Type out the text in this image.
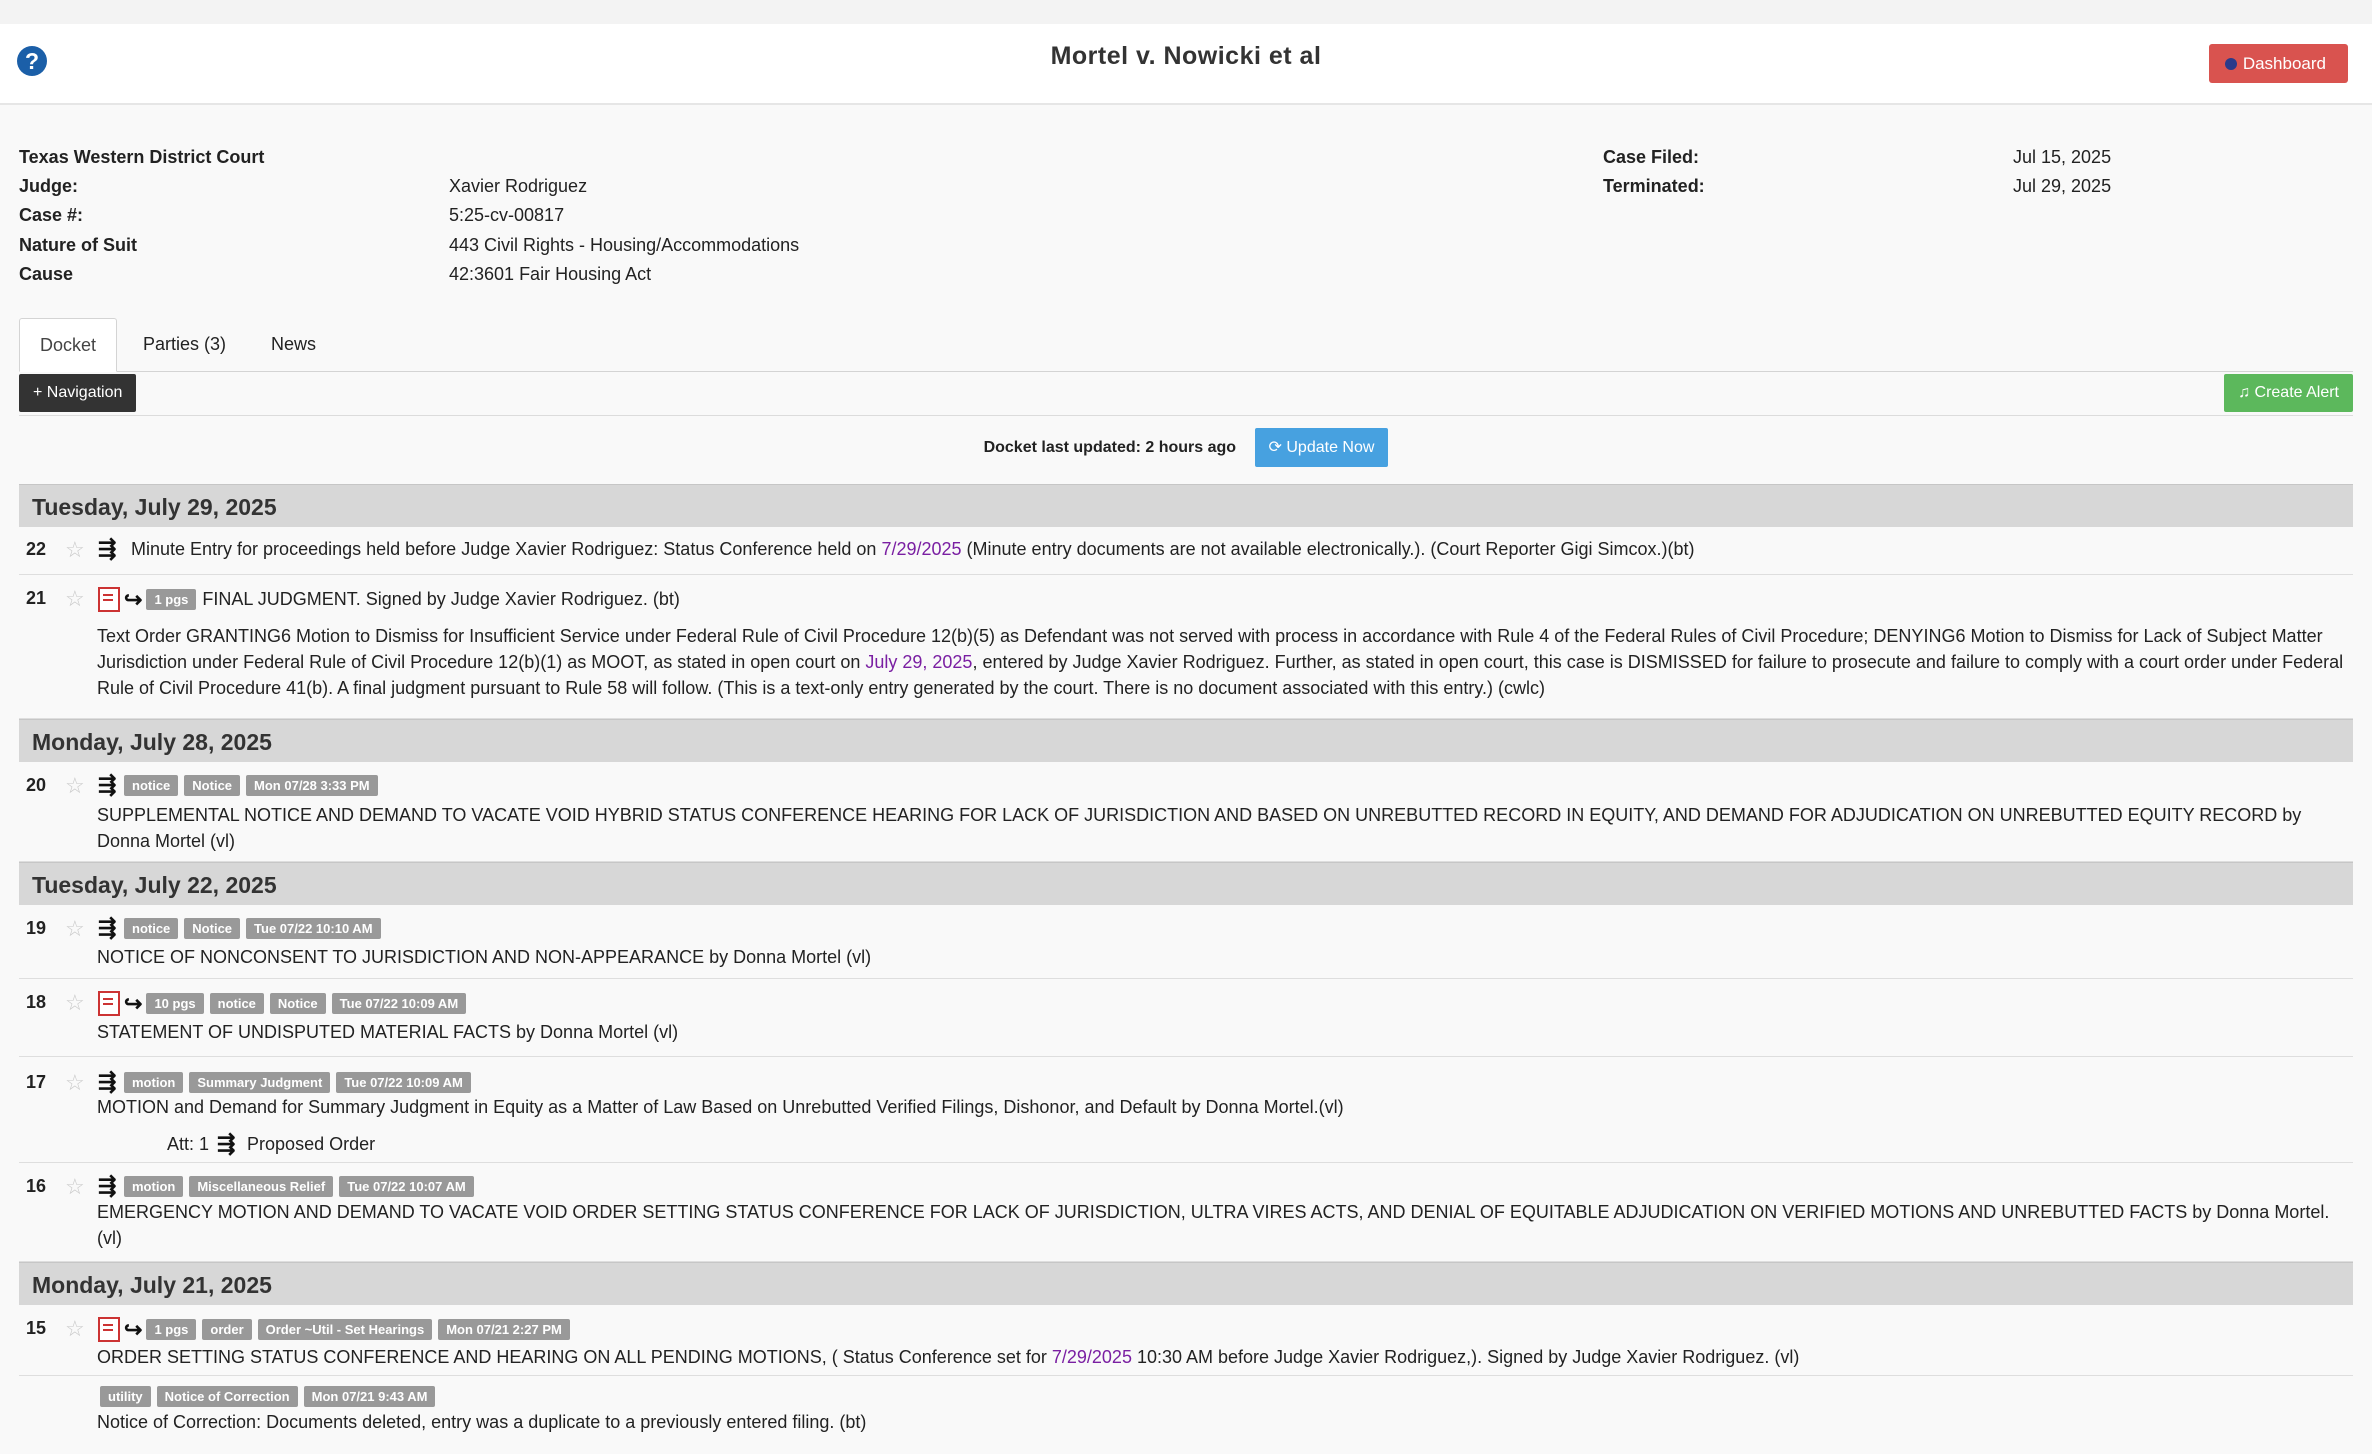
?	Mortel v. Nowicki et al	Dashboard
Texas Western District Court
Judge:	Xavier Rodriguez
Case #:	5:25-cv-00817
Nature of Suit	443 Civil Rights - Housing/Accommodations
Cause	42:3601 Fair Housing Act
Case Filed:	Jul 15, 2025
Terminated:	Jul 29, 2025
Docket	Parties (3)	News
+ Navigation	♫ Create Alert
Docket last updated: 2 hours ago ⟳ Update Now
Tuesday, July 29, 2025
22 ☆ ⇶ Minute Entry for proceedings held before Judge Xavier Rodriguez: Status Conference held on 7/29/2025 (Minute entry documents are not available electronically.). (Court Reporter Gigi Simcox.)(bt)
21 ☆ ↪ 1 pgs FINAL JUDGMENT. Signed by Judge Xavier Rodriguez. (bt)
Text Order GRANTING6 Motion to Dismiss for Insufficient Service under Federal Rule of Civil Procedure 12(b)(5) as Defendant was not served with process in accordance with Rule 4 of the Federal Rules of Civil Procedure; DENYING6 Motion to Dismiss for Lack of Subject Matter Jurisdiction under Federal Rule of Civil Procedure 12(b)(1) as MOOT, as stated in open court on July 29, 2025, entered by Judge Xavier Rodriguez. Further, as stated in open court, this case is DISMISSED for failure to prosecute and failure to comply with a court order under Federal Rule of Civil Procedure 41(b). A final judgment pursuant to Rule 58 will follow. (This is a text-only entry generated by the court. There is no document associated with this entry.) (cwlc)
Monday, July 28, 2025
20 ☆ ⇶	notice	Notice	Mon 07/28 3:33 PM
SUPPLEMENTAL NOTICE AND DEMAND TO VACATE VOID HYBRID STATUS CONFERENCE HEARING FOR LACK OF JURISDICTION AND BASED ON UNREBUTTED RECORD IN EQUITY, AND DEMAND FOR ADJUDICATION ON UNREBUTTED EQUITY RECORD by Donna Mortel (vl)
Tuesday, July 22, 2025
19 ☆ ⇶	notice	Notice	Tue 07/22 10:10 AM
NOTICE OF NONCONSENT TO JURISDICTION AND NON-APPEARANCE by Donna Mortel (vl)
18 ☆ ↪ 10 pgs	notice	Notice	Tue 07/22 10:09 AM
STATEMENT OF UNDISPUTED MATERIAL FACTS by Donna Mortel (vl)
17 ☆ ⇶	motion	Summary Judgment	Tue 07/22 10:09 AM
MOTION and Demand for Summary Judgment in Equity as a Matter of Law Based on Unrebutted Verified Filings, Dishonor, and Default by Donna Mortel.(vl)
Att: 1 ⇶ Proposed Order
16 ☆ ⇶	motion	Miscellaneous Relief	Tue 07/22 10:07 AM
EMERGENCY MOTION AND DEMAND TO VACATE VOID ORDER SETTING STATUS CONFERENCE FOR LACK OF JURISDICTION, ULTRA VIRES ACTS, AND DENIAL OF EQUITABLE ADJUDICATION ON VERIFIED MOTIONS AND UNREBUTTED FACTS by Donna Mortel. (vl)
Monday, July 21, 2025
15 ☆ ↪ 1 pgs	order	Order ~Util - Set Hearings	Mon 07/21 2:27 PM
ORDER SETTING STATUS CONFERENCE AND HEARING ON ALL PENDING MOTIONS, ( Status Conference set for 7/29/2025 10:30 AM before Judge Xavier Rodriguez,). Signed by Judge Xavier Rodriguez. (vl)
utility	Notice of Correction	Mon 07/21 9:43 AM
Notice of Correction: Documents deleted, entry was a duplicate to a previously entered filing. (bt)
